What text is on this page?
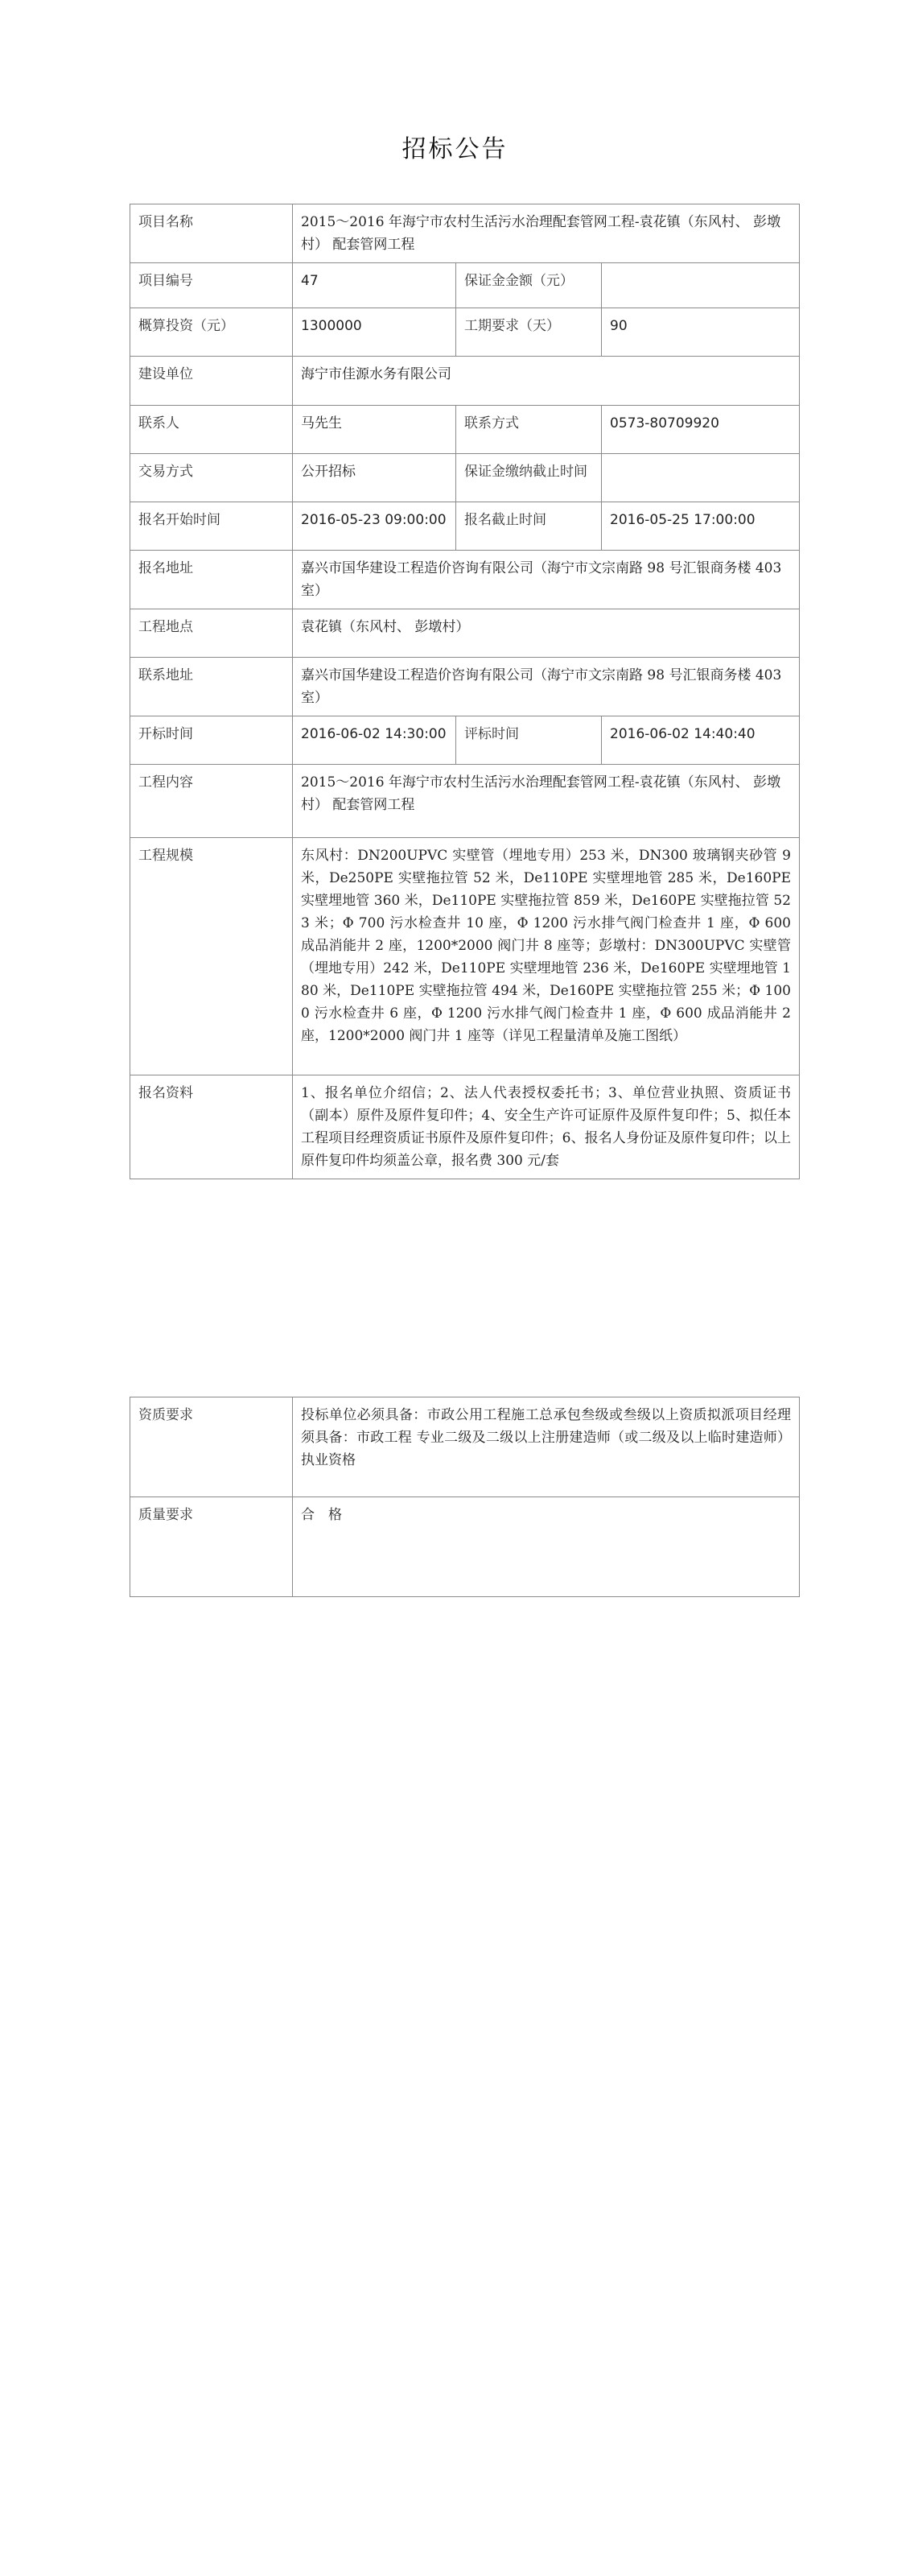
招标公告
项目名称	2015～2016 年海宁市农村生活污水治理配套管网工程-袁花镇（东风村、 彭墩村） 配套管网工程		
项目编号	47	保证金金额（元）	
概算投资（元）	1300000	工期要求（天）	90
建设单位	海宁市佳源水务有限公司		
联系人	马先生	联系方式	0573-80709920
交易方式	公开招标	保证金缴纳截止时间	
报名开始时间	2016-05-23 09:00:00	报名截止时间	2016-05-25 17:00:00
报名地址	嘉兴市国华建设工程造价咨询有限公司（海宁市文宗南路 98 号汇银商务楼 403 室）		
工程地点	袁花镇（东风村、 彭墩村）		
联系地址	嘉兴市国华建设工程造价咨询有限公司（海宁市文宗南路 98 号汇银商务楼 403 室）		
开标时间	2016-06-02 14:30:00	评标时间	2016-06-02 14:40:40
工程内容	2015～2016 年海宁市农村生活污水治理配套管网工程-袁花镇（东风村、 彭墩村） 配套管网工程		
工程规模	东风村：DN200UPVC 实壁管（埋地专用）253 米，DN300 玻璃钢夹砂管 9 米，De250PE 实壁拖拉管 52 米，De110PE 实壁埋地管 285 米，De160PE 实壁埋地管 360 米，De110PE 实壁拖拉管 859 米，De160PE 实壁拖拉管 523 米；Φ 700 污水检查井 10 座，Φ 1200 污水排气阀门检查井 1 座，Φ 600 成品消能井 2 座，1200*2000 阀门井 8 座等；彭墩村：DN300UPVC 实壁管（埋地专用）242 米，De110PE 实壁埋地管 236 米，De160PE 实壁埋地管 180 米，De110PE 实壁拖拉管 494 米，De160PE 实壁拖拉管 255 米；Φ 1000 污水检查井 6 座，Φ 1200 污水排气阀门检查井 1 座，Φ 600 成品消能井 2 座，1200*2000 阀门井 1 座等（详见工程量清单及施工图纸）		
报名资料	1、报名单位介绍信；2、法人代表授权委托书；3、单位营业执照、资质证书（副本）原件及原件复印件；4、安全生产许可证原件及原件复印件；5、拟任本工程项目经理资质证书原件及原件复印件；6、报名人身份证及原件复印件；以上原件复印件均须盖公章，报名费 300 元/套		
资质要求	投标单位必须具备：市政公用工程施工总承包叁级或叁级以上资质拟派项目经理须具备：市政工程 专业二级及二级以上注册建造师（或二级及以上临时建造师）执业资格
质量要求	合　格
